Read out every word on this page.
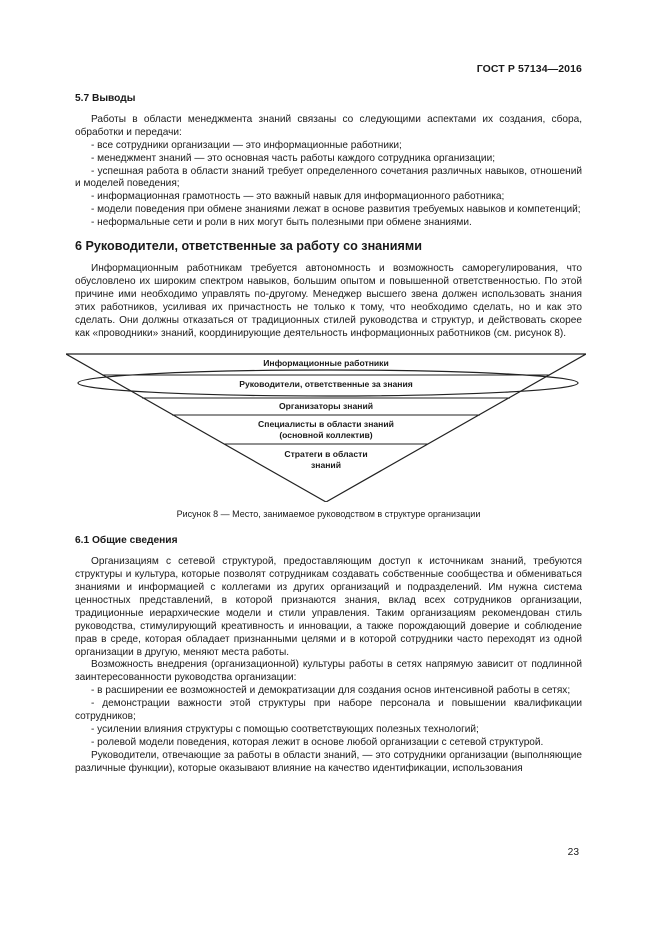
ГОСТ Р 57134—2016
5.7 Выводы

Работы в области менеджмента знаний связаны со следующими аспектами их создания, сбора, обработки и передачи:

- все сотрудники организации — это информационные работники;

- менеджмент знаний — это основная часть работы каждого сотрудника организации;

- успешная работа в области знаний требует определенного сочетания различных навыков, отношений и моделей поведения;

- информационная грамотность — это важный навык для информационного работника;

- модели поведения при обмене знаниями лежат в основе развития требуемых навыков и компетенций;

- неформальные сети и роли в них могут быть полезными при обмене знаниями.

6 Руководители, ответственные за работу со знаниями

Информационным работникам требуется автономность и возможность саморегулирования, что обусловлено их широким спектром навыков, большим опытом и повышенной ответственностью. По этой причине ими необходимо управлять по-другому. Менеджер высшего звена должен использовать знания этих работников, усиливая их причастность не только к тому, что необходимо сделать, но и как это сделать. Они должны отказаться от традиционных стилей руководства и структур, и действовать скорее как «проводники» знаний, координирующие деятельность информационных работников (см. рисунок 8).

Информационные работники
Руководители, ответственные за знания
Организаторы знаний
Специалисты в области знаний
(основной коллектив)
Стратеги в области
знаний
Рисунок 8 — Место, занимаемое руководством в структуре организации
6.1 Общие сведения

Организациям с сетевой структурой, предоставляющим доступ к источникам знаний, требуются структуры и культура, которые позволят сотрудникам создавать собственные сообщества и обмениваться знаниями и информацией с коллегами из других организаций и подразделений. Им нужна система ценностных представлений, в которой признаются знания, вклад всех сотрудников организации, традиционные иерархические модели и стили управления. Таким организациям рекомендован стиль руководства, стимулирующий креативность и инновации, а также порождающий доверие и соблюдение прав в среде, которая обладает признанными целями и в которой сотрудники часто переходят из одной организации в другую, меняют места работы.

Возможность внедрения (организационной) культуры работы в сетях напрямую зависит от подлинной заинтересованности руководства организации:

- в расширении ее возможностей и демократизации для создания основ интенсивной работы в сетях;

- демонстрации важности этой структуры при наборе персонала и повышении квалификации сотрудников;

- усилении влияния структуры с помощью соответствующих полезных технологий;

- ролевой модели поведения, которая лежит в основе любой организации с сетевой структурой.

Руководители, отвечающие за работы в области знаний, — это сотрудники организации (выполняющие различные функции), которые оказывают влияние на качество идентификации, использования

23
